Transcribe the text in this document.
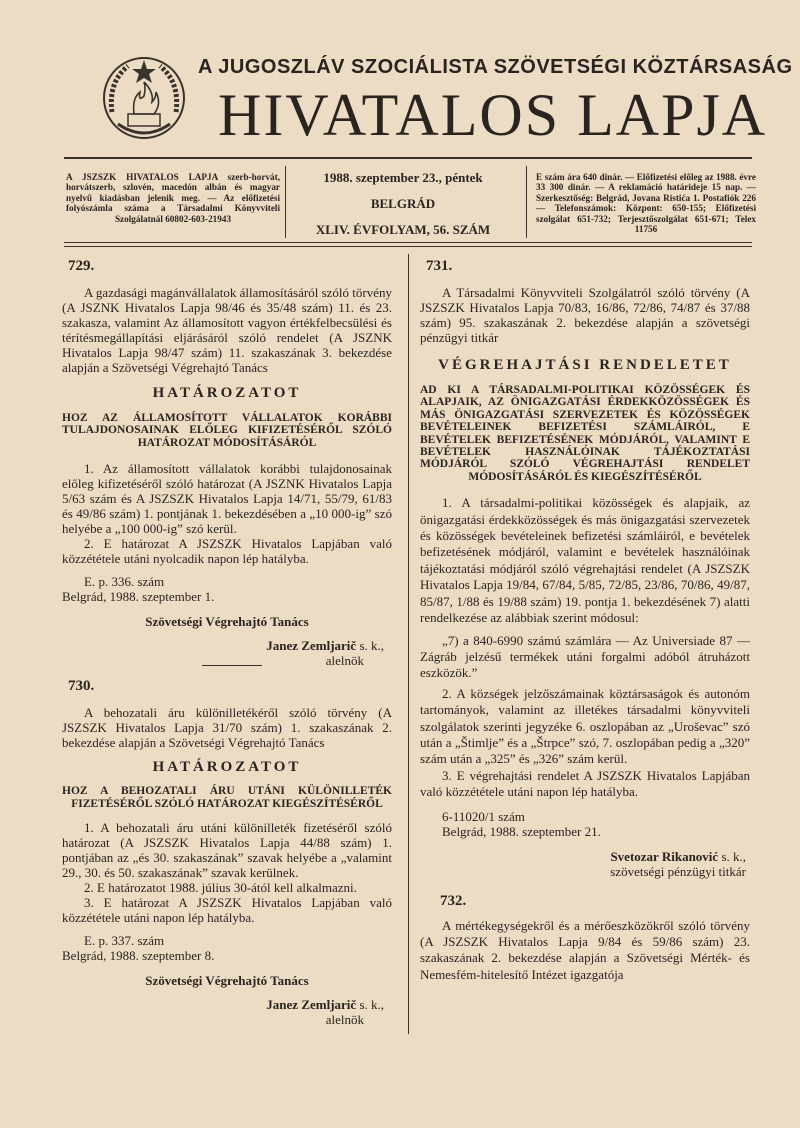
A JUGOSZLÁV SZOCIÁLISTA SZÖVETSÉGI KÖZTÁRSASÁG
HIVATALOS LAPJA
A JSZSZK HIVATALOS LAPJA szerb-horvát, horvátszerb, szlovén, macedón albán és magyar nyelvű kiadásban jelenik meg. — Az előfizetési folyószámla száma a Társadalmi Könyvviteli Szolgálatnál 60802-603-21943
1988. szeptember 23., péntek
BELGRÁD
XLIV. ÉVFOLYAM, 56. SZÁM
E szám ára 640 dinár. — Előfizetési előleg az 1988. évre 33 300 dinár. — A reklamáció határideje 15 nap. — Szerkesztőség: Belgrád, Jovana Ristića 1. Postafiók 226 — Telefonszámok: Központ: 650-155; Előfizetési szolgálat 651-732; Terjesztőszolgálat 651-671; Telex 11756
729.

A gazdasági magánvállalatok államosításáról szóló törvény (A JSZNK Hivatalos Lapja 98/46 és 35/48 szám) 11. és 23. szakasza, valamint Az államosított vagyon értékfelbecsülési és térítésmegállapítási eljárásáról szóló rendelet (A JSZNK Hivatalos Lapja 98/47 szám) 11. szakaszának 3. bekezdése alapján a Szövetségi Végrehajtó Tanács

HATÁROZATOT
HOZ AZ ÁLLAMOSÍTOTT VÁLLALATOK KORÁBBI TULAJDONOSAINAK ELŐLEG KIFIZETÉSÉRŐL SZÓLÓ HATÁROZAT MÓDOSÍTÁSÁRÓL

1. Az államosított vállalatok korábbi tulajdonosainak előleg kifizetéséről szóló határozat (A JSZNK Hivatalos Lapja 5/63 szám és A JSZSZK Hivatalos Lapja 14/71, 55/79, 61/83 és 49/86 szám) 1. pontjának 1. bekezdésében a „10 000-ig” szó helyébe a „100 000-ig” szó kerül.

2. E határozat A JSZSZK Hivatalos Lapjában való közzététele utáni nyolcadik napon lép hatályba.

E. p. 336. szám

Belgrád, 1988. szeptember 1.

Szövetségi Végrehajtó Tanács
Janez Zemljarič s. k.,
alelnök
730.

A behozatali áru különilletékéről szóló törvény (A JSZSZK Hivatalos Lapja 31/70 szám) 1. szakaszának 2. bekezdése alapján a Szövetségi Végrehajtó Tanács

HATÁROZATOT
HOZ A BEHOZATALI ÁRU UTÁNI KÜLÖNILLETÉK FIZETÉSÉRŐL SZÓLÓ HATÁROZAT KIEGÉSZÍTÉSÉRŐL

1. A behozatali áru utáni különilleték fizetéséről szóló határozat (A JSZSZK Hivatalos Lapja 44/88 szám) 1. pontjában az „és 30. szakaszának” szavak helyébe a „valamint 29., 30. és 50. szakaszának” szavak kerülnek.

2. E határozatot 1988. július 30-ától kell alkalmazni.

3. E határozat A JSZSZK Hivatalos Lapjában való közzététele utáni napon lép hatályba.

E. p. 337. szám

Belgrád, 1988. szeptember 8.

Szövetségi Végrehajtó Tanács
Janez Zemljarič s. k.,
alelnök
731.

A Társadalmi Könyvviteli Szolgálatról szóló törvény (A JSZSZK Hivatalos Lapja 70/83, 16/86, 72/86, 74/87 és 37/88 szám) 95. szakaszának 2. bekezdése alapján a szövetségi pénzügyi titkár

VÉGREHAJTÁSI RENDELETET
AD KI A TÁRSADALMI-POLITIKAI KÖZÖSSÉGEK ÉS ALAPJAIK, AZ ÖNIGAZGATÁSI ÉRDEKKÖZÖSSÉGEK ÉS MÁS ÖNIGAZGATÁSI SZERVEZETEK ÉS KÖZÖSSÉGEK BEVÉTELEINEK BEFIZETÉSI SZÁMLÁIRÓL, E BEVÉTELEK BEFIZETÉSÉNEK MÓDJÁRÓL, VALAMINT E BEVÉTELEK HASZNÁLÓINAK TÁJÉKOZTATÁSI MÓDJÁRÓL SZÓLÓ VÉGREHAJTÁSI RENDELET MÓDOSÍTÁSÁRÓL ÉS KIEGÉSZÍTÉSÉRŐL

1. A társadalmi-politikai közösségek és alapjaik, az önigazgatási érdekközösségek és más önigazgatási szervezetek és közösségek bevételeinek befizetési számláiról, e bevételek befizetésének módjáról, valamint e bevételek használóinak tájékoztatási módjáról szóló végrehajtási rendelet (A JSZSZK Hivatalos Lapja 19/84, 67/84, 5/85, 72/85, 23/86, 70/86, 49/87, 85/87, 1/88 és 19/88 szám) 19. pontja 1. bekezdésének 7) alatti rendelkezése az alábbiak szerint módosul:

„7) a 840-6990 számú számlára — Az Universiade 87 — Zágráb jelzésű termékek utáni forgalmi adóból átruházott eszközök.”

2. A községek jelzőszámainak köztársaságok és autonóm tartományok, valamint az illetékes társadalmi könyvviteli szolgálatok szerinti jegyzéke 6. oszlopában az „Uroševac” szó után a „Štimlje” és a „Štrpce” szó, 7. oszlopában pedig a „320” szám után a „325” és „326” szám kerül.

3. E végrehajtási rendelet A JSZSZK Hivatalos Lapjában való közzététele utáni napon lép hatályba.

6-11020/1 szám

Belgrád, 1988. szeptember 21.

Svetozar Rikanović s. k.,
szövetségi pénzügyi titkár
732.

A mértékegységekről és a mérőeszközökről szóló törvény (A JSZSZK Hivatalos Lapja 9/84 és 59/86 szám) 23. szakaszának 2. bekezdése alapján a Szövetségi Mérték- és Nemesfém-hitelesítő Intézet igazgatója
